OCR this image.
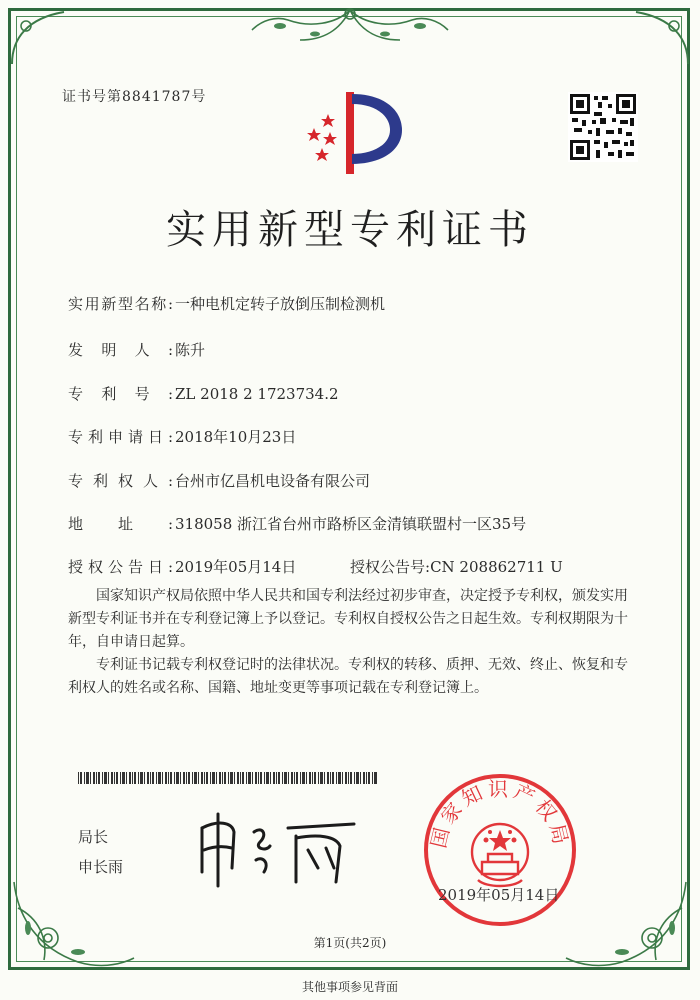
证书号第8841787号
实用新型专利证书
实用新型名称: 一种电机定转子放倒压制检测机
发明人: 陈升
专利号: ZL 2018 2 1723734.2
专利申请日: 2018年10月23日
专利权人: 台州市亿昌机电设备有限公司
地址: 318058 浙江省台州市路桥区金清镇联盟村一区35号
授权公告日: 2019年05月14日	授权公告号:CN 208862711 U
国家知识产权局依照中华人民共和国专利法经过初步审查，决定授予专利权，颁发实用新型专利证书并在专利登记簿上予以登记。专利权自授权公告之日起生效。专利权期限为十年，自申请日起算。
专利证书记载专利权登记时的法律状况。专利权的转移、质押、无效、终止、恢复和专利权人的姓名或名称、国籍、地址变更等事项记载在专利登记簿上。
局长
申长雨
国家知识产权局
2019年05月14日
第1页(共2页)
其他事项参见背面
